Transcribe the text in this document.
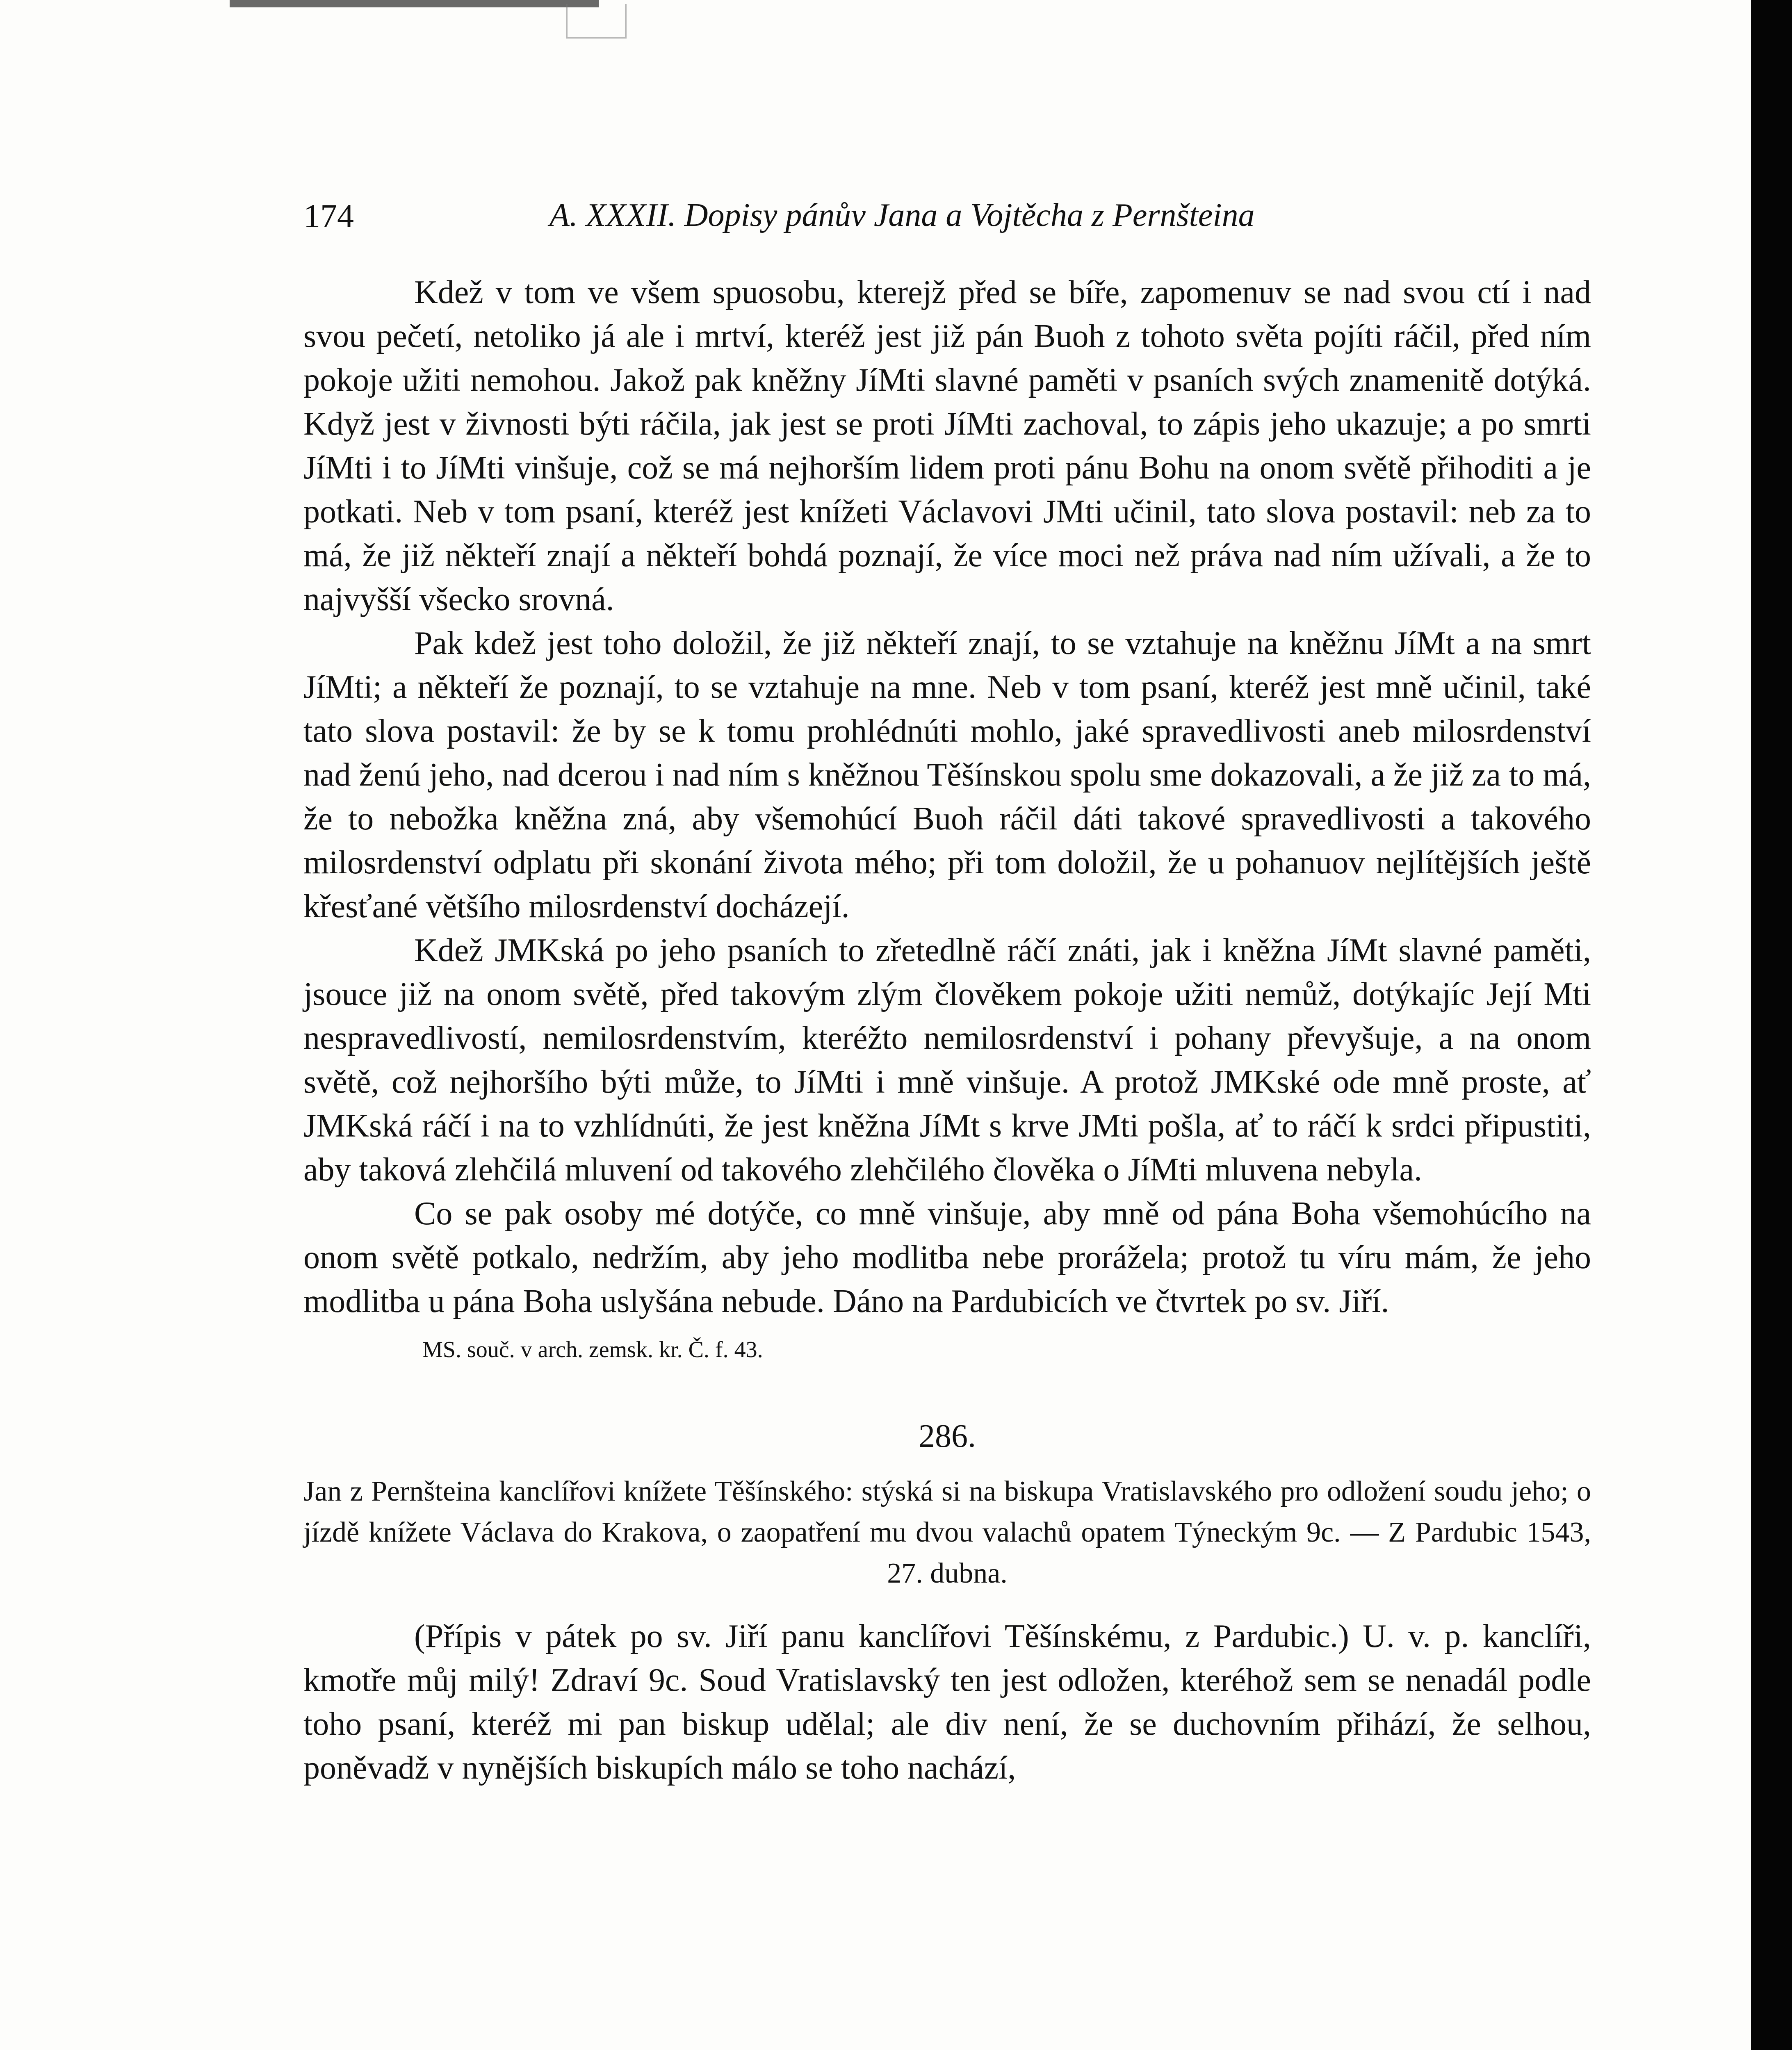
174	A. XXXII. Dopisy pánův Jana a Vojtěcha z Pernšteina

Kdež v tom ve všem spuosobu, kterejž před se bíře, zapomenuv se nad svou ctí i nad svou pečetí, netoliko já ale i mrtví, kteréž jest již pán Buoh z tohoto světa pojíti ráčil, před ním pokoje užiti nemohou. Jakož pak kněžny JíMti slavné paměti v psaních svých znamenitě dotýká. Když jest v živnosti býti ráčila, jak jest se proti JíMti zachoval, to zápis jeho ukazuje; a po smrti JíMti i to JíMti vinšuje, což se má nejhorším lidem proti pánu Bohu na onom světě přihoditi a je potkati. Neb v tom psaní, kteréž jest knížeti Václavovi JMti učinil, tato slova postavil: neb za to má, že již někteří znají a někteří bohdá poznají, že více moci než práva nad ním užívali, a že to najvyšší všecko srovná.

Pak kdež jest toho doložil, že již někteří znají, to se vztahuje na kněžnu JíMt a na smrt JíMti; a někteří že poznají, to se vztahuje na mne. Neb v tom psaní, kteréž jest mně učinil, také tato slova postavil: že by se k tomu prohlédnúti mohlo, jaké spravedlivosti aneb milosrdenství nad ženú jeho, nad dcerou i nad ním s kněžnou Těšínskou spolu sme dokazovali, a že již za to má, že to nebožka kněžna zná, aby všemohúcí Buoh ráčil dáti takové spravedlivosti a takového milosrdenství odplatu při skonání života mého; při tom doložil, že u pohanuov nejlítějších ještě křesťané většího milosrdenství docházejí.

Kdež JMKská po jeho psaních to zřetedlně ráčí znáti, jak i kněžna JíMt slavné paměti, jsouce již na onom světě, před takovým zlým člověkem pokoje užiti nemůž, dotýkajíc Její Mti nespravedlivostí, nemilosrdenstvím, kteréžto nemilosrdenství i pohany převyšuje, a na onom světě, což nejhoršího býti může, to JíMti i mně vinšuje. A protož JMKské ode mně proste, ať JMKská ráčí i na to vzhlídnúti, že jest kněžna JíMt s krve JMti pošla, ať to ráčí k srdci připustiti, aby taková zlehčilá mluvení od takového zlehčilého člověka o JíMti mluvena nebyla.

Co se pak osoby mé dotýče, co mně vinšuje, aby mně od pána Boha všemohúcího na onom světě potkalo, nedržím, aby jeho modlitba nebe prorážela; protož tu víru mám, že jeho modlitba u pána Boha uslyšána nebude. Dáno na Pardubicích ve čtvrtek po sv. Jiří.

MS. souč. v arch. zemsk. kr. Č. f. 43.

286.

Jan z Pernšteina kanclířovi knížete Těšínského: stýská si na biskupa Vratislavského pro odložení soudu jeho; o jízdě knížete Václava do Krakova, o zaopatření mu dvou valachů opatem Týneckým 9c. — Z Pardubic 1543, 27. dubna.

(Přípis v pátek po sv. Jiří panu kanclířovi Těšínskému, z Pardubic.) U. v. p. kanclíři, kmotře můj milý! Zdraví 9c. Soud Vratislavský ten jest odložen, kteréhož sem se nenadál podle toho psaní, kteréž mi pan biskup udělal; ale div není, že se duchovním přihází, že selhou, poněvadž v nynějších biskupích málo se toho nachází,
